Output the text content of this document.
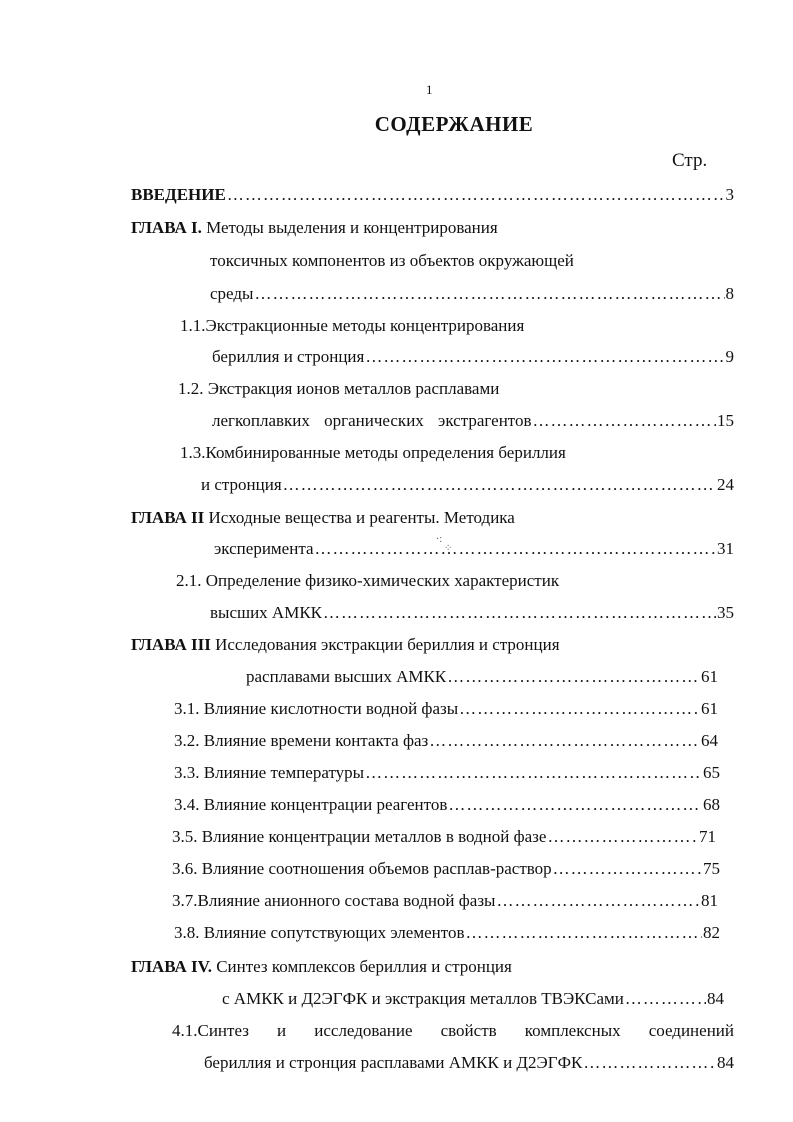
1
СОДЕРЖАНИЕ
Стр.
ВВЕДЕНИЕ ………………………………………………………………………………………………………………………………………………………………………………	3
ГЛАВА I. Методы выделения и концентрирования
токсичных компонентов из объектов окружающей
среды ………………………………………………………………………………………………………………………………………………………………………………	8
1.1.Экстракционные методы концентрирования
бериллия и стронция ………………………………………………………………………………………………………………………………………………………………………………	9
1.2. Экстракция ионов металлов расплавами
легкоплавких органических экстрагентов ………………………………………………………………………………………………………………………………………………………………………………	15
1.3.Комбинированные методы определения бериллия
и стронция ………………………………………………………………………………………………………………………………………………………………………………	24
ГЛАВА II Исходные вещества и реагенты. Методика
эксперимента ………………………………………………………………………………………………………………………………………………………………………………	31
·:
⁘
2.1. Определение физико-химических характеристик
высших АМКК ………………………………………………………………………………………………………………………………………………………………………………	35
ГЛАВА III Исследования экстракции бериллия и стронция
расплавами высших АМКК ………………………………………………………………………………………………………………………………………………………………………………	61
3.1. Влияние кислотности водной фазы ………………………………………………………………………………………………………………………………………………………………………………	61
3.2. Влияние времени контакта фаз ………………………………………………………………………………………………………………………………………………………………………………	64
3.3. Влияние температуры ………………………………………………………………………………………………………………………………………………………………………………	65
3.4. Влияние концентрации реагентов ………………………………………………………………………………………………………………………………………………………………………………	68
3.5. Влияние концентрации металлов в водной фазе ………………………………………………………………………………………………………………………………………………………………………………	71
3.6. Влияние соотношения объемов расплав-раствор ………………………………………………………………………………………………………………………………………………………………………………	75
3.7.Влияние анионного состава водной фазы ………………………………………………………………………………………………………………………………………………………………………………	81
3.8. Влияние сопутствующих элементов ………………………………………………………………………………………………………………………………………………………………………………	82
ГЛАВА IV. Синтез комплексов бериллия и стронция
с АМКК и Д2ЭГФК и экстракция металлов ТВЭКСами ………………………………………………………………………………………………………………………………………………………………………………	84
4.1.Синтез и исследование свойств комплексных соединений
бериллия и стронция расплавами АМКК и Д2ЭГФК ………………………………………………………………………………………………………………………………………………………………………………	84
